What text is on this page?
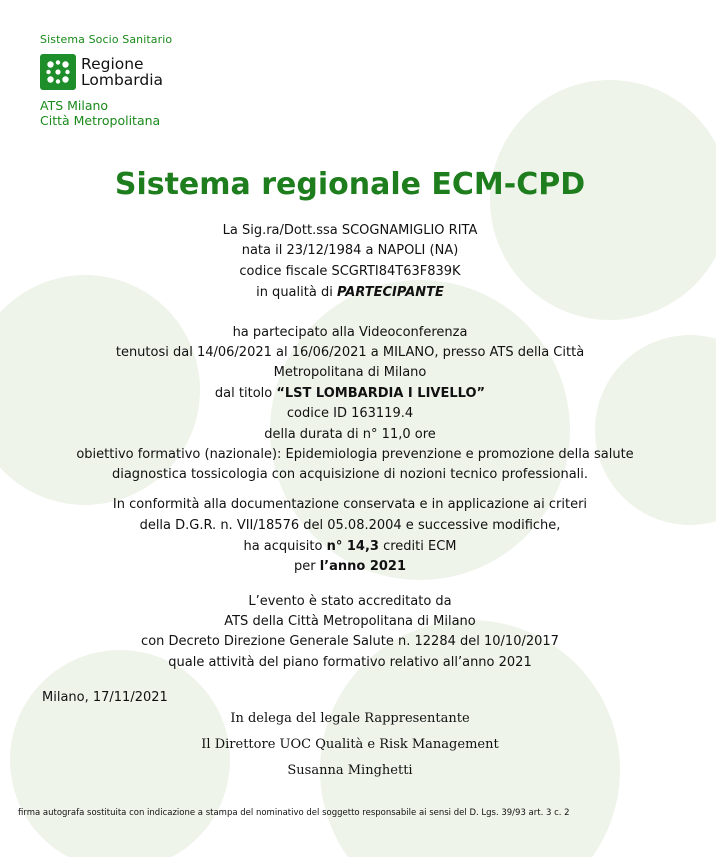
Sistema Socio Sanitario
Regione
Lombardia
ATS Milano
Città Metropolitana
Sistema regionale ECM-CPD
La Sig.ra/Dott.ssa SCOGNAMIGLIO RITA
nata il 23/12/1984 a NAPOLI (NA)
codice fiscale SCGRTI84T63F839K
in qualità di PARTECIPANTE
ha partecipato alla Videoconferenza
tenutosi dal 14/06/2021 al 16/06/2021 a MILANO, presso ATS della Città
Metropolitana di Milano
dal titolo “LST LOMBARDIA I LIVELLO”
codice ID 163119.4
della durata di n° 11,0 ore
obiettivo formativo (nazionale): Epidemiologia prevenzione e promozione della salute
diagnostica tossicologia con acquisizione di nozioni tecnico professionali.
In conformità alla documentazione conservata e in applicazione ai criteri
della D.G.R. n. VII/18576 del 05.08.2004 e successive modifiche,
ha acquisito n° 14,3 crediti ECM
per l’anno 2021
L’evento è stato accreditato da
ATS della Città Metropolitana di Milano
con Decreto Direzione Generale Salute n. 12284 del 10/10/2017
quale attività del piano formativo relativo all’anno 2021
Milano, 17/11/2021
In delega del legale Rappresentante
Il Direttore UOC Qualità e Risk Management
Susanna Minghetti
firma autografa sostituita con indicazione a stampa del nominativo del soggetto responsabile ai sensi del D. Lgs. 39/93 art. 3 c. 2
